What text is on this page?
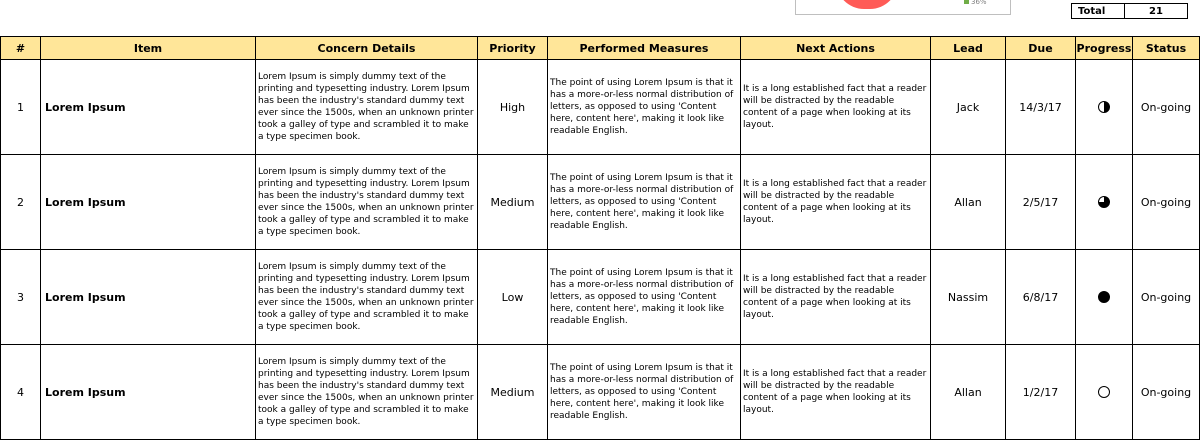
36%
Total	21
#	Item	Concern Details	Priority	Performed Measures	Next Actions	Lead	Due	Progress	Status
1	Lorem Ipsum	Lorem Ipsum is simply dummy text of the printing and typesetting industry. Lorem Ipsum has been the industry's standard dummy text ever since the 1500s, when an unknown printer took a galley of type and scrambled it to make a type specimen book.	High	The point of using Lorem Ipsum is that it has a more-or-less normal distribution of letters, as opposed to using 'Content here, content here', making it look like readable English.	It is a long established fact that a reader will be distracted by the readable content of a page when looking at its layout.	Jack	14/3/17		On-going
2	Lorem Ipsum	Lorem Ipsum is simply dummy text of the printing and typesetting industry. Lorem Ipsum has been the industry's standard dummy text ever since the 1500s, when an unknown printer took a galley of type and scrambled it to make a type specimen book.	Medium	The point of using Lorem Ipsum is that it has a more-or-less normal distribution of letters, as opposed to using 'Content here, content here', making it look like readable English.	It is a long established fact that a reader will be distracted by the readable content of a page when looking at its layout.	Allan	2/5/17		On-going
3	Lorem Ipsum	Lorem Ipsum is simply dummy text of the printing and typesetting industry. Lorem Ipsum has been the industry's standard dummy text ever since the 1500s, when an unknown printer took a galley of type and scrambled it to make a type specimen book.	Low	The point of using Lorem Ipsum is that it has a more-or-less normal distribution of letters, as opposed to using 'Content here, content here', making it look like readable English.	It is a long established fact that a reader will be distracted by the readable content of a page when looking at its layout.	Nassim	6/8/17		On-going
4	Lorem Ipsum	Lorem Ipsum is simply dummy text of the printing and typesetting industry. Lorem Ipsum has been the industry's standard dummy text ever since the 1500s, when an unknown printer took a galley of type and scrambled it to make a type specimen book.	Medium	The point of using Lorem Ipsum is that it has a more-or-less normal distribution of letters, as opposed to using 'Content here, content here', making it look like readable English.	It is a long established fact that a reader will be distracted by the readable content of a page when looking at its layout.	Allan	1/2/17		On-going
